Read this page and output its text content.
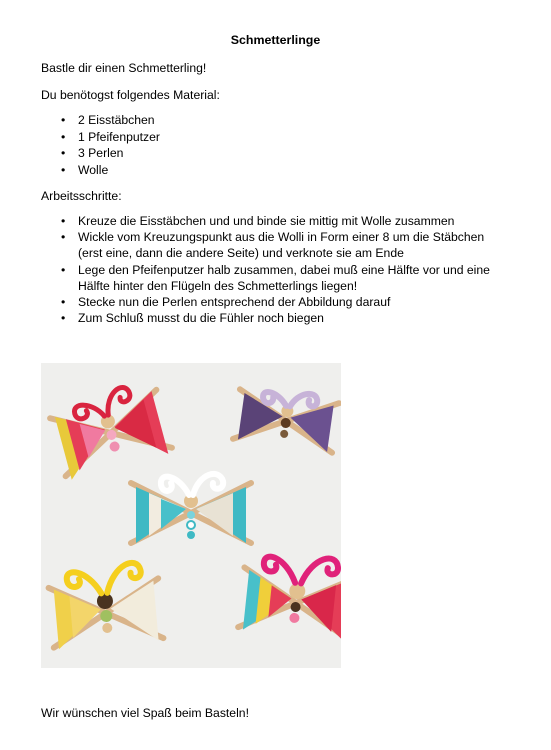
Schmetterlinge

Bastle dir einen Schmetterling!

Du benötogst folgendes Material:

• 2 Eisstäbchen
• 1 Pfeifenputzer
• 3 Perlen
• Wolle

Arbeitsschritte:

• Kreuze die Eisstäbchen und und binde sie mittig mit Wolle zusammen
• Wickle vom Kreuzungspunkt aus die Wolli in Form einer 8 um die Stäbchen
(erst eine, dann die andere Seite) und verknote sie am Ende
• Lege den Pfeifenputzer halb zusammen, dabei muß eine Hälfte vor und eine
Hälfte hinter den Flügeln des Schmetterlings liegen!
• Stecke nun die Perlen entsprechend der Abbildung darauf
• Zum Schluß musst du die Fühler noch biegen

Wir wünschen viel Spaß beim Basteln!
